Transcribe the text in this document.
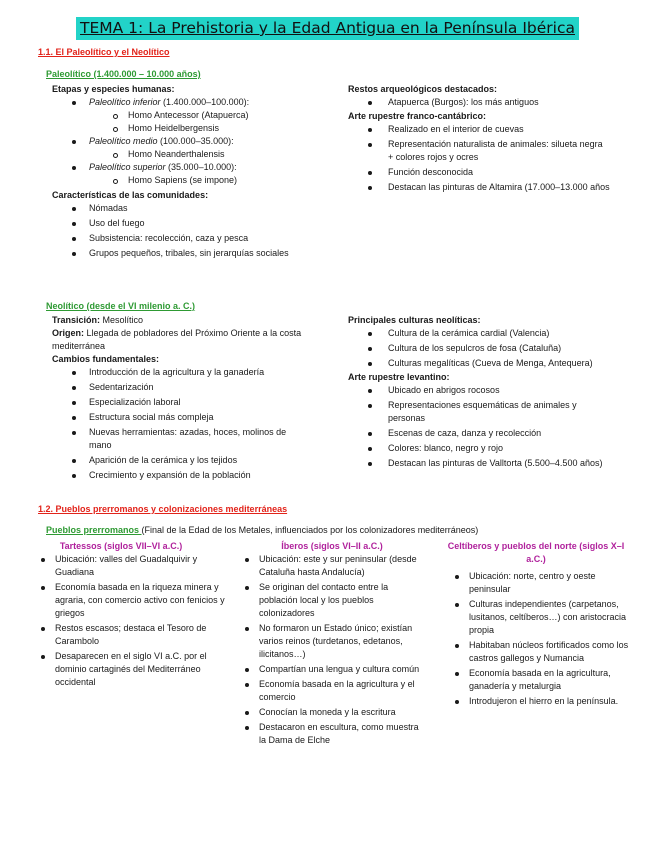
TEMA 1: La Prehistoria y la Edad Antigua en la Península Ibérica
1.1. El Paleolítico y el Neolítico
Paleolítico (1.400.000 – 10.000 años)
Etapas y especies humanas:
Paleolítico inferior (1.400.000–100.000):
Homo Antecessor (Atapuerca)
Homo Heidelbergensis
Paleolítico medio (100.000–35.000):
Homo Neanderthalensis
Paleolítico superior (35.000–10.000):
Homo Sapiens (se impone)
Características de las comunidades:
Nómadas
Uso del fuego
Subsistencia: recolección, caza y pesca
Grupos pequeños, tribales, sin jerarquías sociales
Restos arqueológicos destacados:
Atapuerca (Burgos): los más antiguos
Arte rupestre franco-cantábrico:
Realizado en el interior de cuevas
Representación naturalista de animales: silueta negra + colores rojos y ocres
Función desconocida
Destacan las pinturas de Altamira (17.000–13.000 años
Neolítico (desde el VI milenio a. C.)
Transición: Mesolítico
Origen: Llegada de pobladores del Próximo Oriente a la costa mediterránea
Cambios fundamentales:
Introducción de la agricultura y la ganadería
Sedentarización
Especialización laboral
Estructura social más compleja
Nuevas herramientas: azadas, hoces, molinos de mano
Aparición de la cerámica y los tejidos
Crecimiento y expansión de la población
Principales culturas neolíticas:
Cultura de la cerámica cardial (Valencia)
Cultura de los sepulcros de fosa (Cataluña)
Culturas megalíticas (Cueva de Menga, Antequera)
Arte rupestre levantino:
Ubicado en abrigos rocosos
Representaciones esquemáticas de animales y personas
Escenas de caza, danza y recolección
Colores: blanco, negro y rojo
Destacan las pinturas de Valltorta (5.500–4.500 años)
1.2. Pueblos prerromanos y colonizaciones mediterráneas
Pueblos prerromanos (Final de la Edad de los Metales, influenciados por los colonizadores mediterráneos)
Tartessos (siglos VII–VI a.C.)
Ubicación: valles del Guadalquivir y Guadiana
Economía basada en la riqueza minera y agraria, con comercio activo con fenicios y griegos
Restos escasos; destaca el Tesoro de Carambolo
Desaparecen en el siglo VI a.C. por el dominio cartaginés del Mediterráneo occidental
Íberos (siglos VI–II a.C.)
Ubicación: este y sur peninsular (desde Cataluña hasta Andalucía)
Se originan del contacto entre la población local y los pueblos colonizadores
No formaron un Estado único; existían varios reinos (turdetanos, edetanos, ilicitanos…)
Compartían una lengua y cultura común
Economía basada en la agricultura y el comercio
Conocían la moneda y la escritura
Destacaron en escultura, como muestra la Dama de Elche
Celtíberos y pueblos del norte (siglos X–I a.C.)
Ubicación: norte, centro y oeste peninsular
Culturas independientes (carpetanos, lusitanos, celtíberos…) con aristocracia propia
Habitaban núcleos fortificados como los castros gallegos y Numancia
Economía basada en la agricultura, ganadería y metalurgia
Introdujeron el hierro en la península.
